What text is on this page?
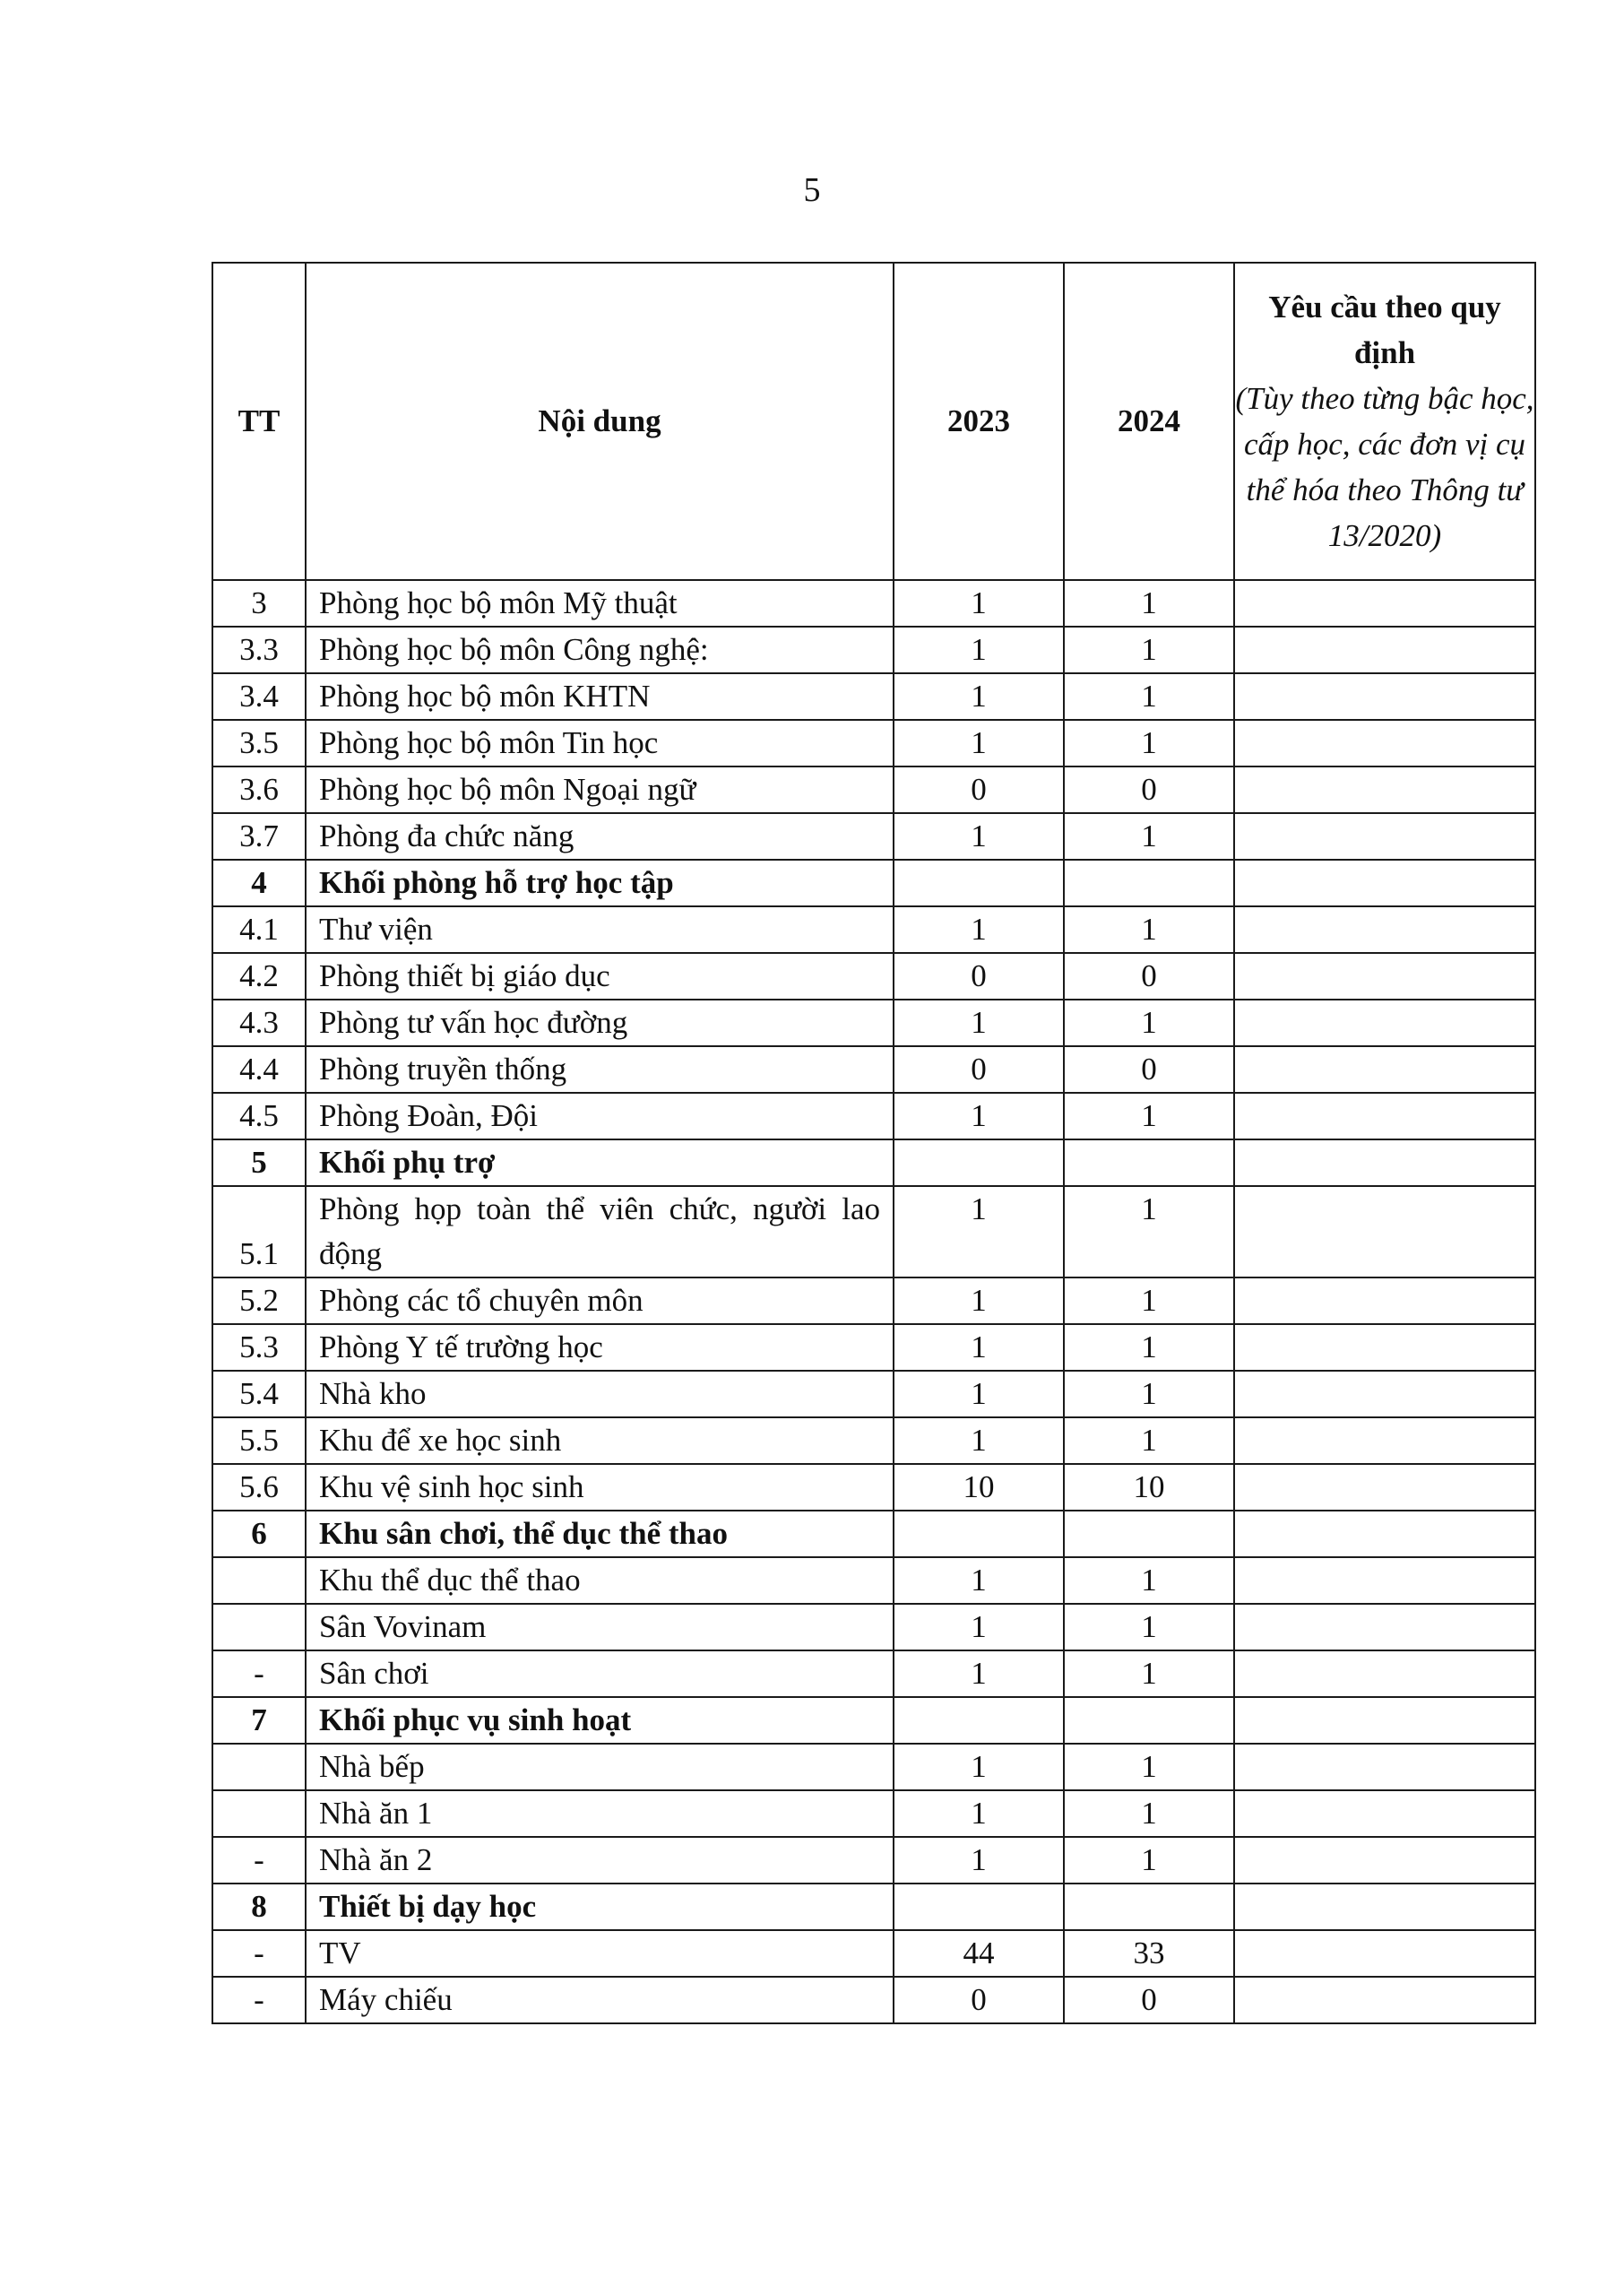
5
TT	Nội dung	2023	2024	Yêu cầu theo quy định
(Tùy theo từng bậc học, cấp học, các đơn vị cụ thể hóa theo Thông tư 13/2020)

3	Phòng học bộ môn Mỹ thuật	1	1	
3.3	Phòng học bộ môn Công nghệ:	1	1	
3.4	Phòng học bộ môn KHTN	1	1	
3.5	Phòng học bộ môn Tin học	1	1	
3.6	Phòng học bộ môn Ngoại ngữ	0	0	
3.7	Phòng đa chức năng	1	1	
4	Khối phòng hỗ trợ học tập			
4.1	Thư viện	1	1	
4.2	Phòng thiết bị giáo dục	0	0	
4.3	Phòng tư vấn học đường	1	1	
4.4	Phòng truyền thống	0	0	
4.5	Phòng Đoàn, Đội	1	1	
5	Khối phụ trợ			
5.1	Phòng họp toàn thể viên chức, người lao động	1	1	
5.2	Phòng các tổ chuyên môn	1	1	
5.3	Phòng Y tế trường học	1	1	
5.4	Nhà kho	1	1	
5.5	Khu để xe học sinh	1	1	
5.6	Khu vệ sinh học sinh	10	10	
6	Khu sân chơi, thể dục thể thao			
	Khu thể dục thể thao	1	1	
	Sân Vovinam	1	1	
-	Sân chơi	1	1	
7	Khối phục vụ sinh hoạt			
	Nhà bếp	1	1	
	Nhà ăn 1	1	1	
-	Nhà ăn 2	1	1	
8	Thiết bị dạy học			
-	TV	44	33	
-	Máy chiếu	0	0	
